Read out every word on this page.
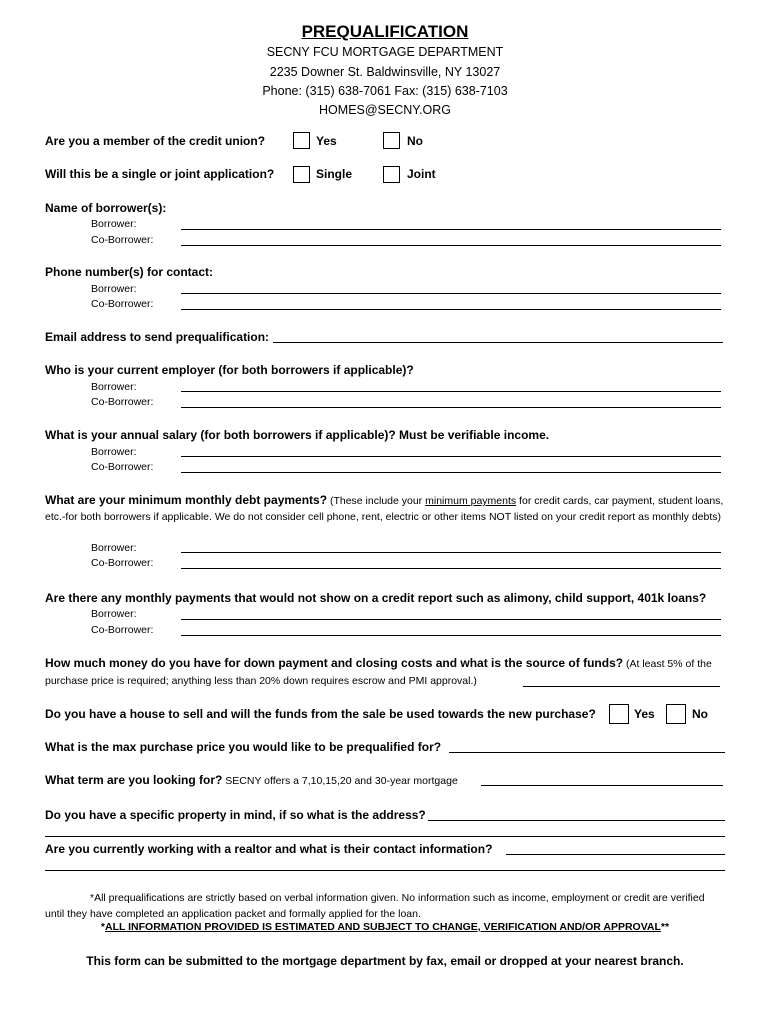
PREQUALIFICATION
SECNY FCU MORTGAGE DEPARTMENT
2235 Downer St. Baldwinsville, NY 13027
Phone: (315) 638-7061 Fax: (315) 638-7103
HOMES@SECNY.ORG
Are you a member of the credit union?	Yes	No
Will this be a single or joint application?	Single	Joint
Name of borrower(s):
Borrower:
Co-Borrower:
Phone number(s) for contact:
Borrower:
Co-Borrower:
Email address to send prequalification:
Who is your current employer (for both borrowers if applicable)?
Borrower:
Co-Borrower:
What is your annual salary (for both borrowers if applicable)? Must be verifiable income.
Borrower:
Co-Borrower:
What are your minimum monthly debt payments? (These include your minimum payments for credit cards, car payment, student loans, etc.-for both borrowers if applicable. We do not consider cell phone, rent, electric or other items NOT listed on your credit report as monthly debts)
Borrower:
Co-Borrower:
Are there any monthly payments that would not show on a credit report such as alimony, child support, 401k loans?
Borrower:
Co-Borrower:
How much money do you have for down payment and closing costs and what is the source of funds? (At least 5% of the
purchase price is required; anything less than 20% down requires escrow and PMI approval.)
Do you have a house to sell and will the funds from the sale be used towards the new purchase?	Yes	No
What is the max purchase price you would like to be prequalified for?
What term are you looking for? SECNY offers a 7,10,15,20 and 30-year mortgage
Do you have a specific property in mind, if so what is the address?
Are you currently working with a realtor and what is their contact information?
*All prequalifications are strictly based on verbal information given. No information such as income, employment or credit are verified until they have completed an application packet and formally applied for the loan.
*ALL INFORMATION PROVIDED IS ESTIMATED AND SUBJECT TO CHANGE, VERIFICATION AND/OR APPROVAL**
This form can be submitted to the mortgage department by fax, email or dropped at your nearest branch.
